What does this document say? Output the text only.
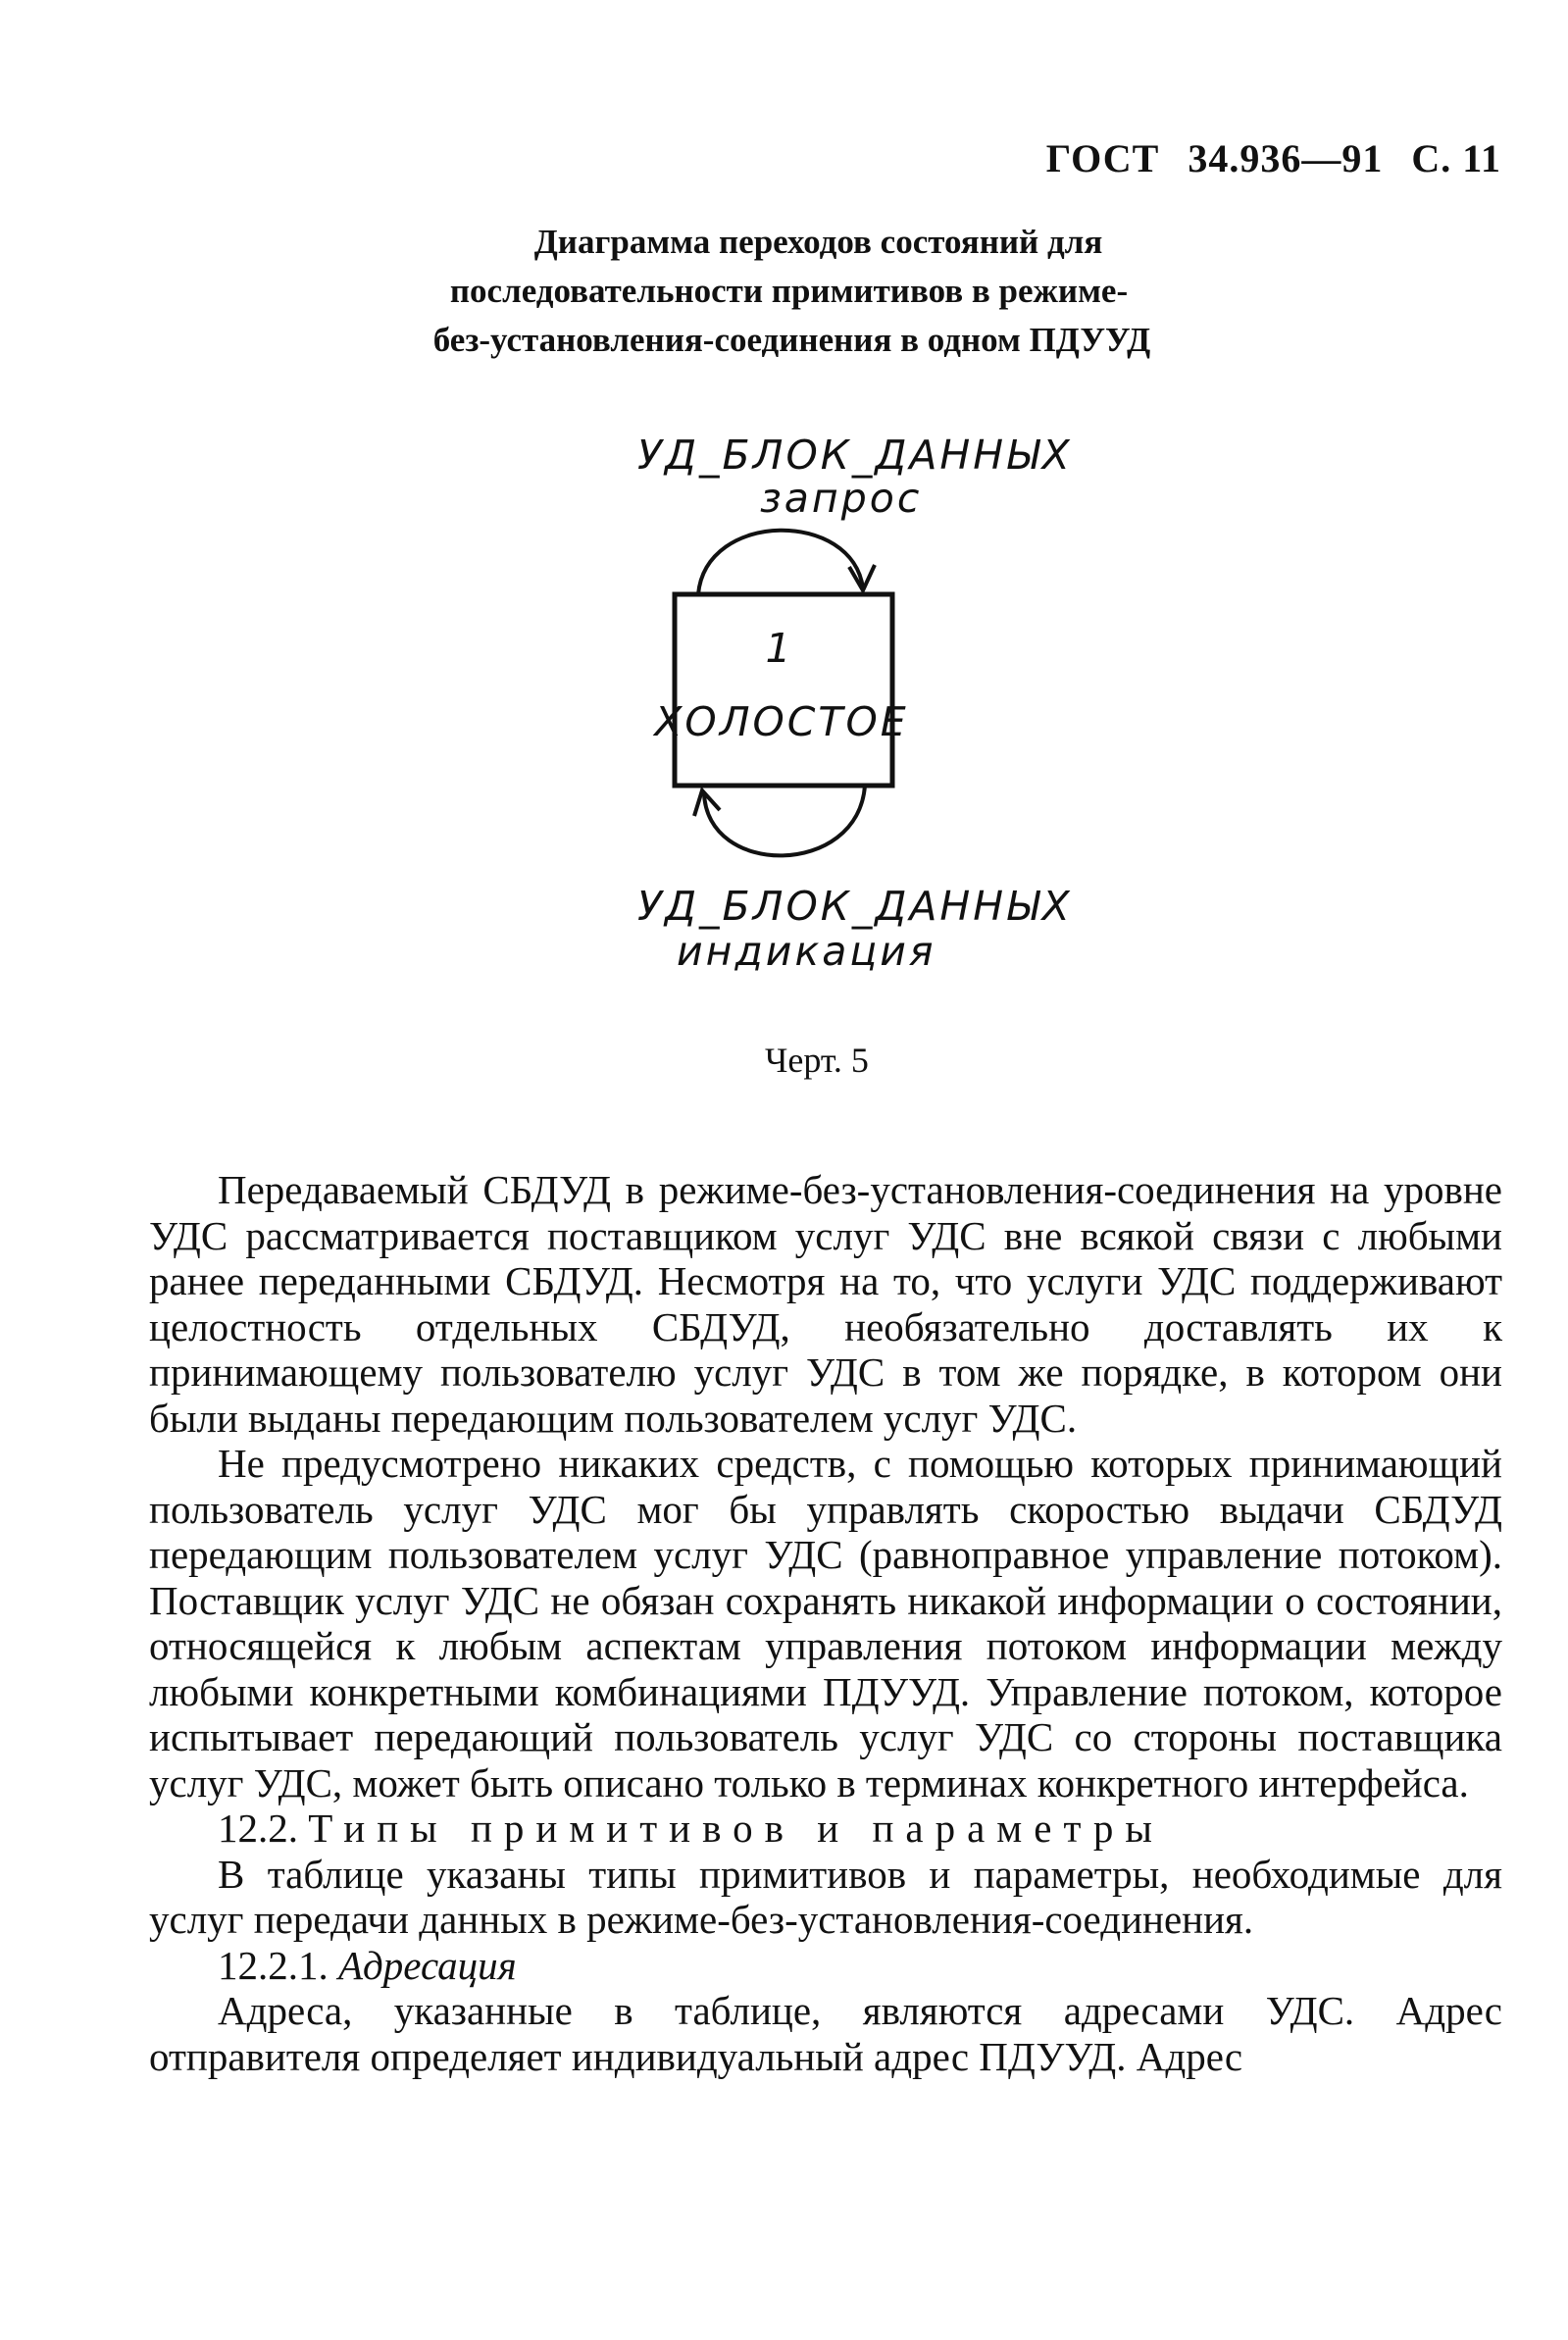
ГОСТ 34.936—91 С. 11
Диаграмма переходов состояний для
последовательности примитивов в режиме-
без-установления-соединения в одном ПДУУД
УД_БЛОК_ДАННЫХ
запрос
1
ХОЛОСТОЕ
УД_БЛОК_ДАННЫХ
индикация
Черт. 5

Передаваемый СБДУД в режиме-без-установления-соединения на уровне УДС рассматривается поставщиком услуг УДС вне всякой связи с любыми ранее переданными СБДУД. Несмотря на то, что услуги УДС поддерживают целостность отдельных СБДУД, необязательно доставлять их к принимающему пользователю услуг УДС в том же порядке, в котором они были выданы передающим пользователем услуг УДС.

Не предусмотрено никаких средств, с помощью которых принимающий пользователь услуг УДС мог бы управлять скоростью выдачи СБДУД передающим пользователем услуг УДС (равноправное управление потоком). Поставщик услуг УДС не обязан сохранять никакой информации о состоянии, относящейся к любым аспектам управления потоком информации между любыми конкретными комбинациями ПДУУД. Управление потоком, которое испытывает передающий пользователь услуг УДС со стороны поставщика услуг УДС, может быть описано только в терминах конкретного интерфейса.

12.2. Типы примитивов и параметры

В таблице указаны типы примитивов и параметры, необходимые для услуг передачи данных в режиме-без-установления-соединения.

12.2.1. Адресация

Адреса, указанные в таблице, являются адресами УДС. Адрес отправителя определяет индивидуальный адрес ПДУУД. Адрес
